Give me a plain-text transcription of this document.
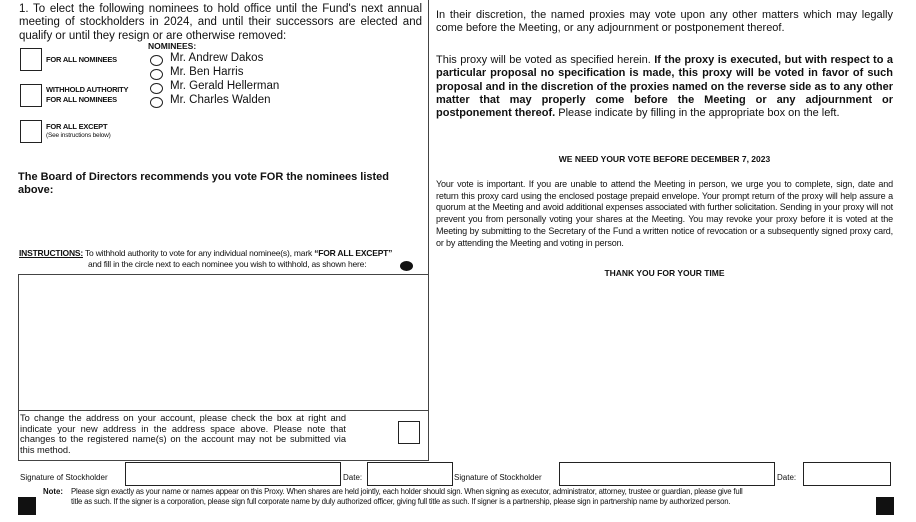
1. To elect the following nominees to hold office until the Fund's next annual meeting of stockholders in 2024, and until their successors are elected and qualify or until they resign or are otherwise removed:
NOMINEES:
FOR ALL NOMINEES
WITHHOLD AUTHORITY
FOR ALL NOMINEES
FOR ALL EXCEPT
(See instructions below)
Mr. Andrew Dakos
Mr. Ben Harris
Mr. Gerald Hellerman
Mr. Charles Walden
The Board of Directors recommends you vote FOR the nominees listed above:
INSTRUCTIONS: To withhold authority to vote for any individual nominee(s), mark “FOR ALL EXCEPT”
and fill in the circle next to each nominee you wish to withhold, as shown here:
To change the address on your account, please check the box at right and indicate your new address in the address space above. Please note that changes to the registered name(s) on the account may not be submitted via this method.
In their discretion, the named proxies may vote upon any other matters which may legally come before the Meeting, or any adjournment or postponement thereof.
This proxy will be voted as specified herein. If the proxy is executed, but with respect to a particular proposal no specification is made, this proxy will be voted in favor of such proposal and in the discretion of the proxies named on the reverse side as to any other matter that may properly come before the Meeting or any adjournment or postponement thereof. Please indicate by filling in the appropriate box on the left.
WE NEED YOUR VOTE BEFORE DECEMBER 7, 2023
Your vote is important. If you are unable to attend the Meeting in person, we urge you to complete, sign, date and return this proxy card using the enclosed postage prepaid envelope. Your prompt return of the proxy will help assure a quorum at the Meeting and avoid additional expenses associated with further solicitation. Sending in your proxy will not prevent you from personally voting your shares at the Meeting. You may revoke your proxy before it is voted at the Meeting by submitting to the Secretary of the Fund a written notice of revocation or a subsequently signed proxy card, or by attending the Meeting and voting in person.
THANK YOU FOR YOUR TIME
Signature of Stockholder	Date:	Signature of Stockholder	Date:
Note: Please sign exactly as your name or names appear on this Proxy. When shares are held jointly, each holder should sign. When signing as executor, administrator, attorney, trustee or guardian, please give full
title as such. If the signer is a corporation, please sign full corporate name by duly authorized officer, giving full title as such. If signer is a partnership, please sign in partnership name by authorized person.
